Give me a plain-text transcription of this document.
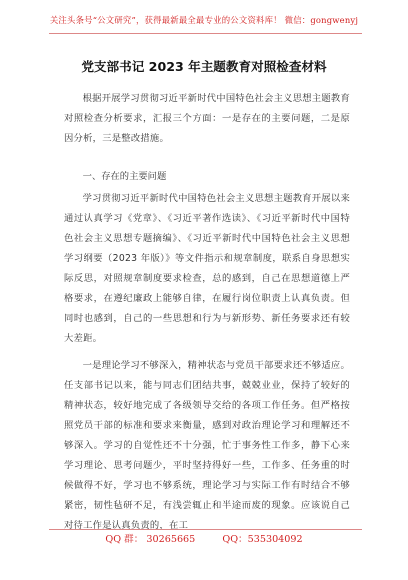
关注头条号“公文研究”，获得最新最全最专业的公文资料库！ 微信：gongwenyj
党支部书记 2023 年主题教育对照检查材料

根据开展学习贯彻习近平新时代中国特色社会主义思想主题教育对照检查分析要求，汇报三个方面：一是存在的主要问题，二是原因分析，三是整改措施。

一、存在的主要问题

学习贯彻习近平新时代中国特色社会主义思想主题教育开展以来通过认真学习《党章》、《习近平著作选读》、《习近平新时代中国特色社会主义思想专题摘编》、《习近平新时代中国特色社会主义思想学习纲要（2023 年版）》等文件指示和规章制度，联系自身思想实际反思，对照规章制度要求检查，总的感到，自己在思想道德上严格要求，在遵纪廉政上能够自律，在履行岗位职责上认真负责。但同时也感到，自己的一些思想和行为与新形势、新任务要求还有较大差距。

一是理论学习不够深入，精神状态与党员干部要求还不够适应。任支部书记以来，能与同志们团结共事，兢兢业业，保持了较好的精神状态，较好地完成了各级领导交给的各项工作任务。但严格按照党员干部的标准和要求来衡量，感到对政治理论学习和理解还不够深入。学习的自觉性还不十分强，忙于事务性工作多，静下心来学习理论、思考问题少，平时坚持得好一些，工作多、任务重的时候做得不好，学习也不够系统，理论学习与实际工作有时结合不够紧密，韧性毡研不足，有浅尝辄止和半途而废的现象。应该说自己对待工作是认真负责的，在工

QQ 群： 30265665	QQ：535304092
